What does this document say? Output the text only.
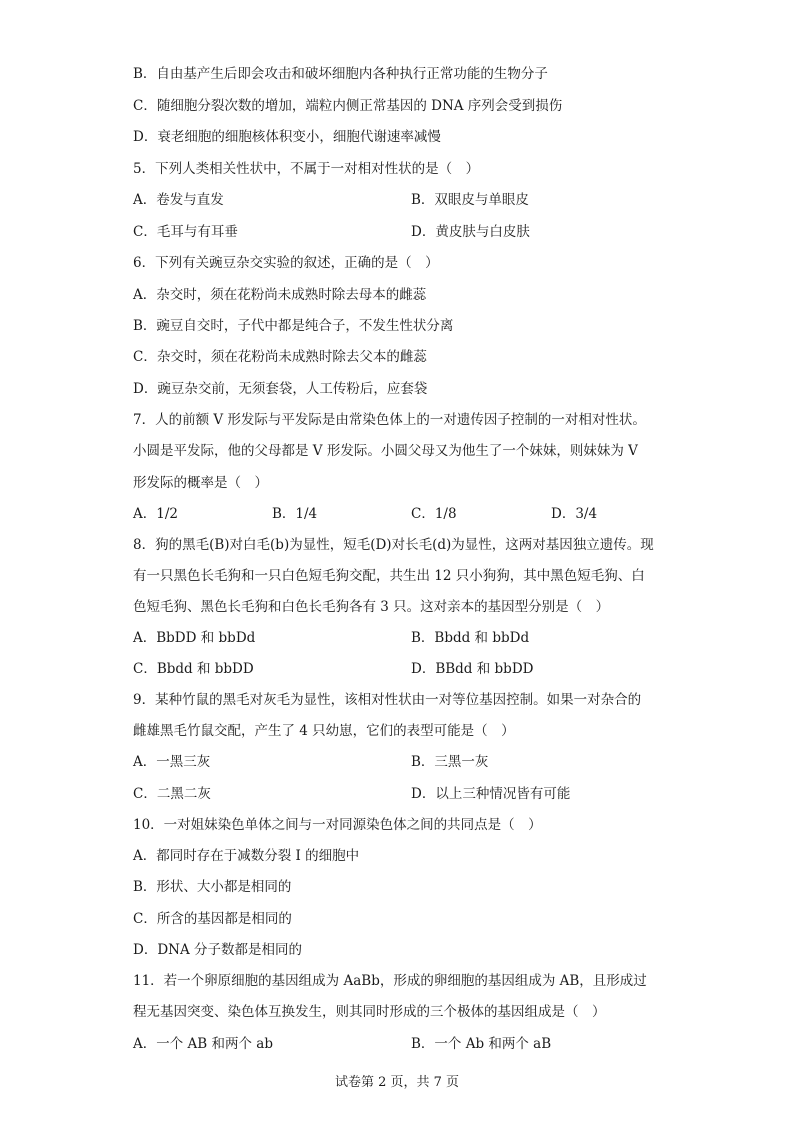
B．自由基产生后即会攻击和破坏细胞内各种执行正常功能的生物分子
C．随细胞分裂次数的增加，端粒内侧正常基因的 DNA 序列会受到损伤
D．衰老细胞的细胞核体积变小，细胞代谢速率减慢
5．下列人类相关性状中，不属于一对相对性状的是（　）
A．卷发与直发	B．双眼皮与单眼皮
C．毛耳与有耳垂	D．黄皮肤与白皮肤
6．下列有关豌豆杂交实验的叙述，正确的是（　）
A．杂交时，须在花粉尚未成熟时除去母本的雌蕊
B．豌豆自交时，子代中都是纯合子，不发生性状分离
C．杂交时，须在花粉尚未成熟时除去父本的雌蕊
D．豌豆杂交前，无须套袋，人工传粉后，应套袋
7．人的前额 V 形发际与平发际是由常染色体上的一对遗传因子控制的一对相对性状。
小圆是平发际，他的父母都是 V 形发际。小圆父母又为他生了一个妹妹，则妹妹为 V
形发际的概率是（　）
A．1/2	B．1/4	C．1/8	D．3/4
8．狗的黑毛(B)对白毛(b)为显性，短毛(D)对长毛(d)为显性，这两对基因独立遗传。现
有一只黑色长毛狗和一只白色短毛狗交配，共生出 12 只小狗狗，其中黑色短毛狗、白
色短毛狗、黑色长毛狗和白色长毛狗各有 3 只。这对亲本的基因型分别是（　）
A．BbDD 和 bbDd	B．Bbdd 和 bbDd
C．Bbdd 和 bbDD	D．BBdd 和 bbDD
9．某种竹鼠的黑毛对灰毛为显性，该相对性状由一对等位基因控制。如果一对杂合的
雌雄黑毛竹鼠交配，产生了 4 只幼崽，它们的表型可能是（　）
A．一黑三灰	B．三黑一灰
C．二黑二灰	D．以上三种情况皆有可能
10．一对姐妹染色单体之间与一对同源染色体之间的共同点是（　）
A．都同时存在于减数分裂 I 的细胞中
B．形状、大小都是相同的
C．所含的基因都是相同的
D．DNA 分子数都是相同的
11．若一个卵原细胞的基因组成为 AaBb，形成的卵细胞的基因组成为 AB，且形成过
程无基因突变、染色体互换发生，则其同时形成的三个极体的基因组成是（　）
A．一个 AB 和两个 ab	B．一个 Ab 和两个 aB
试卷第 2 页，共 7 页
